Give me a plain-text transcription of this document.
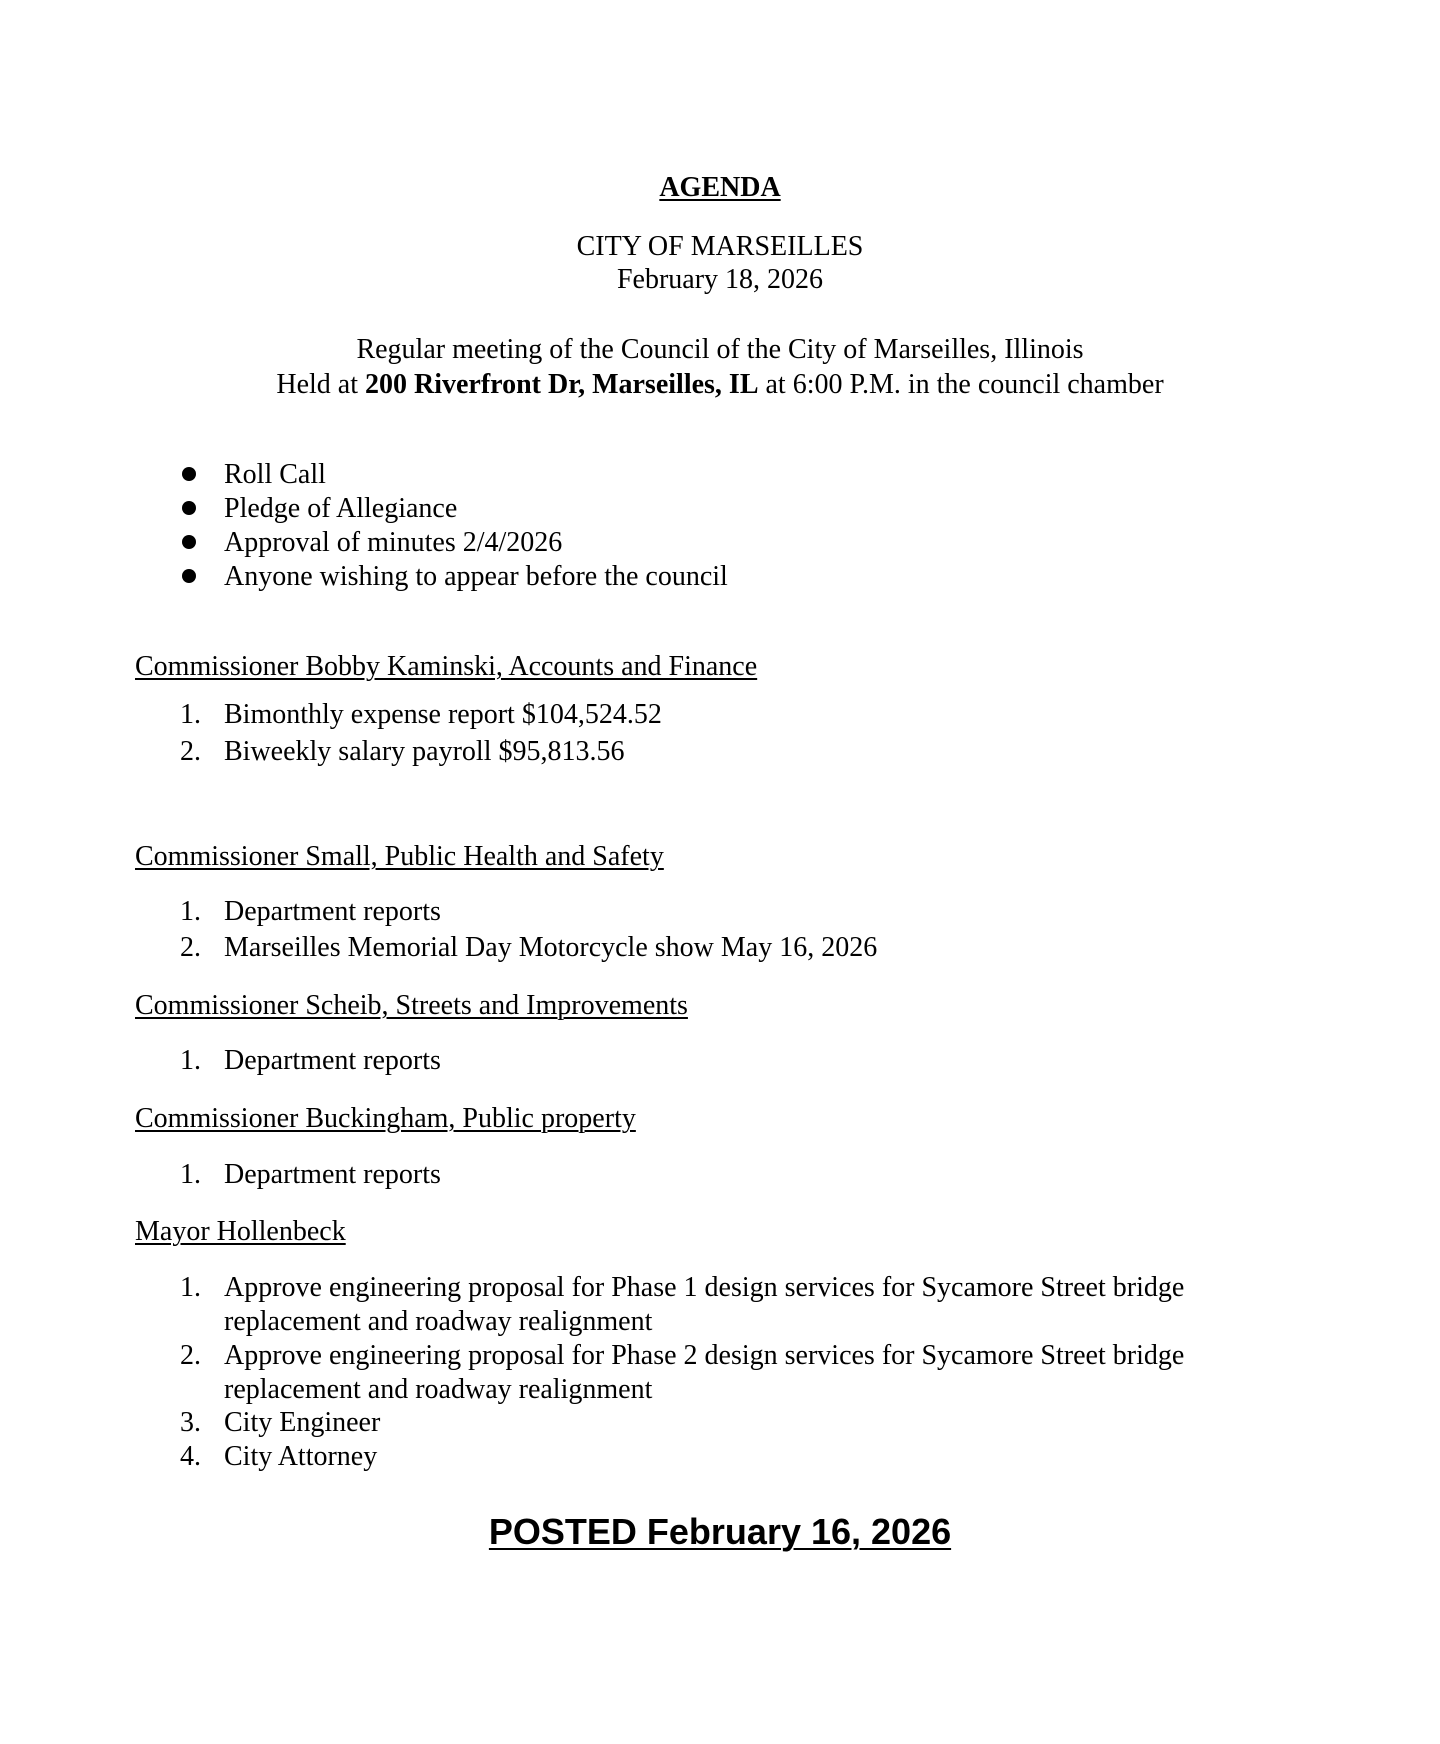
AGENDA
CITY OF MARSEILLES
February 18, 2026
Regular meeting of the Council of the City of Marseilles, Illinois
Held at 200 Riverfront Dr, Marseilles, IL at 6:00 P.M. in the council chamber
Roll Call
Pledge of Allegiance
Approval of minutes 2/4/2026
Anyone wishing to appear before the council
Commissioner Bobby Kaminski, Accounts and Finance
1. Bimonthly expense report $104,524.52
2. Biweekly salary payroll $95,813.56
Commissioner Small, Public Health and Safety
1. Department reports
2. Marseilles Memorial Day Motorcycle show May 16, 2026
Commissioner Scheib, Streets and Improvements
1. Department reports
Commissioner Buckingham, Public property
1. Department reports
Mayor Hollenbeck
1. Approve engineering proposal for Phase 1 design services for Sycamore Street bridge
replacement and roadway realignment
2. Approve engineering proposal for Phase 2 design services for Sycamore Street bridge
replacement and roadway realignment
3. City Engineer
4. City Attorney
POSTED February 16, 2026
